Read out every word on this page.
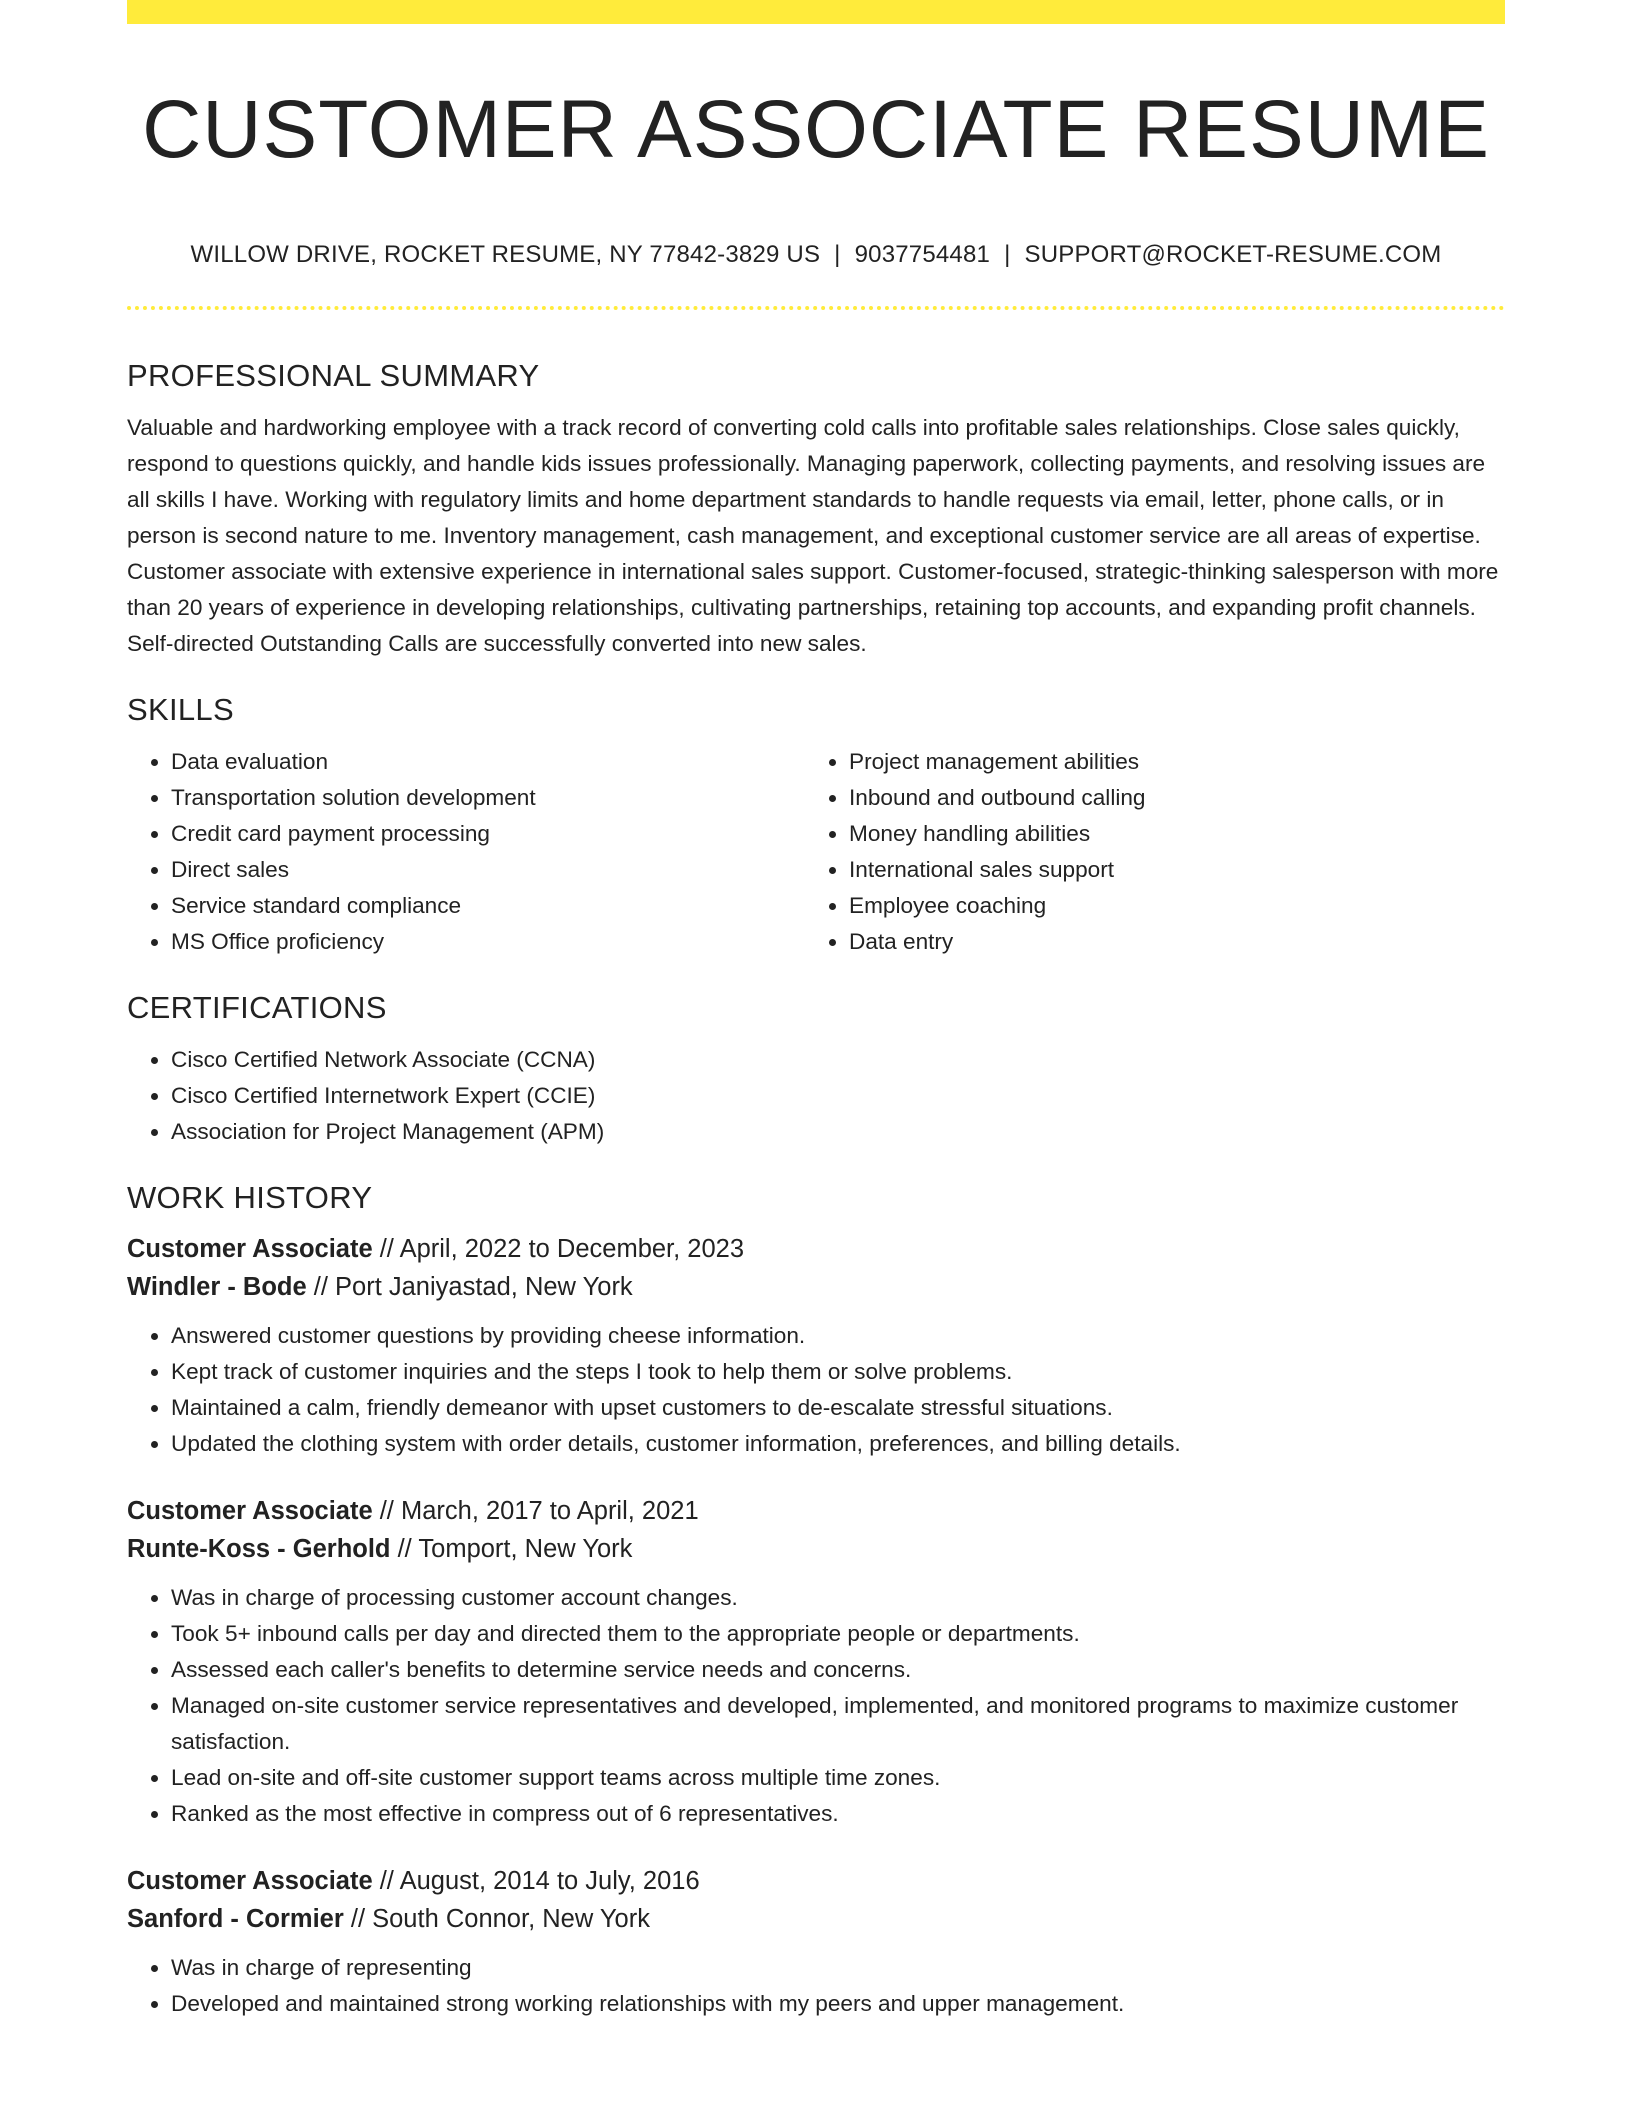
CUSTOMER ASSOCIATE RESUME
WILLOW DRIVE, ROCKET RESUME, NY 77842-3829 US | 9037754481 | SUPPORT@ROCKET-RESUME.COM
PROFESSIONAL SUMMARY

Valuable and hardworking employee with a track record of converting cold calls into profitable sales relationships. Close sales quickly, respond to questions quickly, and handle kids issues professionally. Managing paperwork, collecting payments, and resolving issues are all skills I have. Working with regulatory limits and home department standards to handle requests via email, letter, phone calls, or in person is second nature to me. Inventory management, cash management, and exceptional customer service are all areas of expertise. Customer associate with extensive experience in international sales support. Customer-focused, strategic-thinking salesperson with more than 20 years of experience in developing relationships, cultivating partnerships, retaining top accounts, and expanding profit channels. Self-directed Outstanding Calls are successfully converted into new sales.

SKILLS
• Data evaluation
• Transportation solution development
• Credit card payment processing
• Direct sales
• Service standard compliance
• MS Office proficiency
• Project management abilities
• Inbound and outbound calling
• Money handling abilities
• International sales support
• Employee coaching
• Data entry
CERTIFICATIONS
• Cisco Certified Network Associate (CCNA)
• Cisco Certified Internetwork Expert (CCIE)
• Association for Project Management (APM)
WORK HISTORY
Customer Associate // April, 2022 to December, 2023
Windler - Bode // Port Janiyastad, New York
• Answered customer questions by providing cheese information.
• Kept track of customer inquiries and the steps I took to help them or solve problems.
• Maintained a calm, friendly demeanor with upset customers to de-escalate stressful situations.
• Updated the clothing system with order details, customer information, preferences, and billing details.
Customer Associate // March, 2017 to April, 2021
Runte-Koss - Gerhold // Tomport, New York
• Was in charge of processing customer account changes.
• Took 5+ inbound calls per day and directed them to the appropriate people or departments.
• Assessed each caller's benefits to determine service needs and concerns.
• Managed on-site customer service representatives and developed, implemented, and monitored programs to maximize customer satisfaction.
• Lead on-site and off-site customer support teams across multiple time zones.
• Ranked as the most effective in compress out of 6 representatives.
Customer Associate // August, 2014 to July, 2016
Sanford - Cormier // South Connor, New York
• Was in charge of representing
• Developed and maintained strong working relationships with my peers and upper management.
